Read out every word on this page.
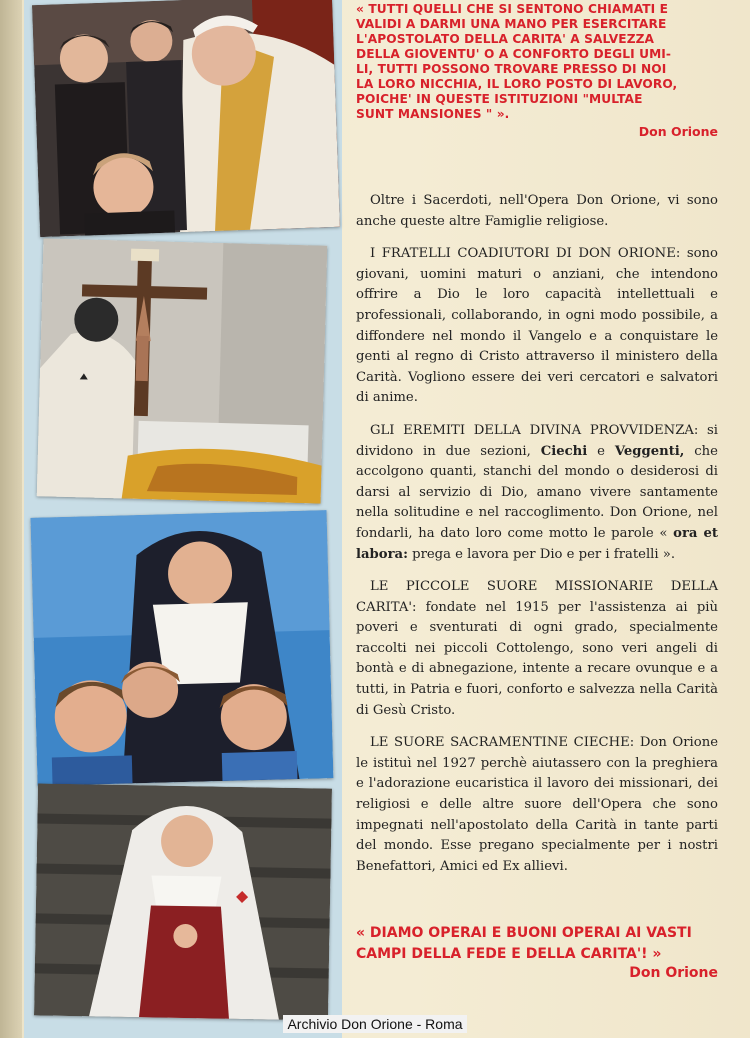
« TUTTI QUELLI CHE SI SENTONO CHIAMATI E

VALIDI A DARMI UNA MANO PER ESERCITARE

L'APOSTOLATO DELLA CARITA' A SALVEZZA

DELLA GIOVENTU' O A CONFORTO DEGLI UMI-

LI, TUTTI POSSONO TROVARE PRESSO DI NOI

LA LORO NICCHIA, IL LORO POSTO DI LAVORO,

POICHE' IN QUESTE ISTITUZIONI "MULTAE

SUNT MANSIONES " ».

Don Orione

Oltre i Sacerdoti, nell'Opera Don Orione, vi sono anche queste altre Famiglie religiose.

I FRATELLI COADIUTORI DI DON ORIONE: sono giovani, uomini maturi o anziani, che intendono offrire a Dio le loro capacità intellettuali e professionali, collaborando, in ogni modo possibile, a diffondere nel mondo il Vangelo e a conquistare le genti al regno di Cristo attraverso il ministero della Carità. Vogliono essere dei veri cercatori e salvatori di anime.

GLI EREMITI DELLA DIVINA PROVVIDENZA: si dividono in due sezioni, Ciechi e Veggenti, che accolgono quanti, stanchi del mondo o desiderosi di darsi al servizio di Dio, amano vivere santamente nella solitudine e nel raccoglimento. Don Orione, nel fondarli, ha dato loro come motto le parole « ora et labora: prega e lavora per Dio e per i fratelli ».

LE PICCOLE SUORE MISSIONARIE DELLA CARITA': fondate nel 1915 per l'assistenza ai più poveri e sventurati di ogni grado, specialmente raccolti nei piccoli Cottolengo, sono veri angeli di bontà e di abnegazione, intente a recare ovunque e a tutti, in Patria e fuori, conforto e salvezza nella Carità di Gesù Cristo.

LE SUORE SACRAMENTINE CIECHE: Don Orione le istituì nel 1927 perchè aiutassero con la preghiera e l'adorazione eucaristica il lavoro dei missionari, dei religiosi e delle altre suore dell'Opera che sono impegnati nell'apostolato della Carità in tante parti del mondo. Esse pregano specialmente per i nostri Benefattori, Amici ed Ex allievi.

« DIAMO OPERAI E BUONI OPERAI AI VASTI

CAMPI DELLA FEDE E DELLA CARITA'! »

Don Orione

Archivio Don Orione - Roma
